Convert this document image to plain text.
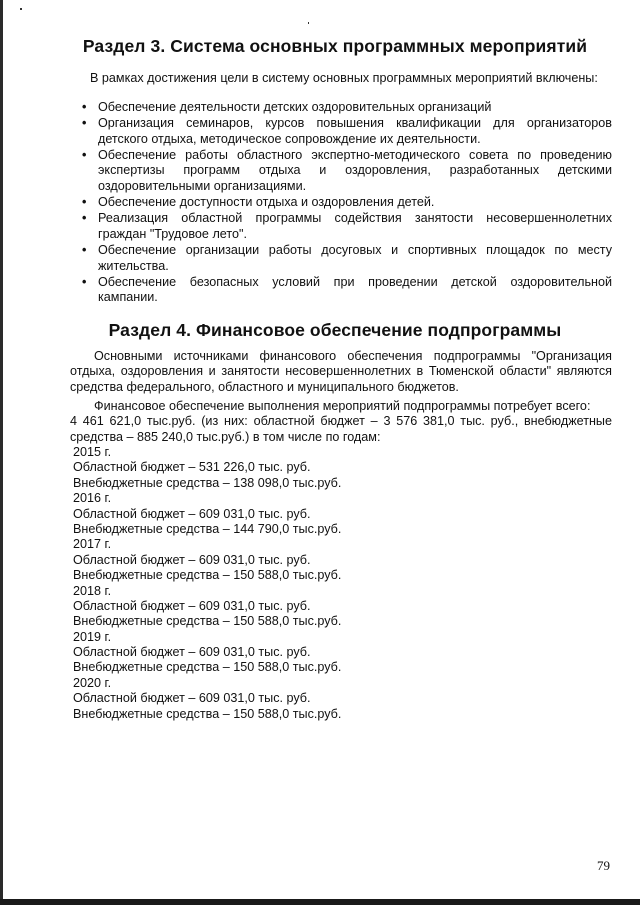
Раздел 3. Система основных программных мероприятий

В рамках достижения цели в систему основных программных мероприятий включены:

• Обеспечение деятельности детских оздоровительных организаций
• Организация семинаров, курсов повышения квалификации для организаторов детского отдыха, методическое сопровождение их деятельности.
• Обеспечение работы областного экспертно-методического совета по проведению экспертизы программ отдыха и оздоровления, разработанных детскими оздоровительными организациями.
• Обеспечение доступности отдыха и оздоровления детей.
• Реализация областной программы содействия занятости несовершеннолетних граждан "Трудовое лето".
• Обеспечение организации работы досуговых и спортивных площадок по месту жительства.
• Обеспечение безопасных условий при проведении детской оздоровительной кампании.
Раздел 4. Финансовое обеспечение подпрограммы

Основными источниками финансового обеспечения подпрограммы "Организация отдыха, оздоровления и занятости несовершеннолетних в Тюменской области" являются средства федерального, областного и муниципального бюджетов.

Финансовое обеспечение выполнения мероприятий подпрограммы потребует всего:
4 461 621,0 тыс.руб. (из них: областной бюджет – 3 576 381,0 тыс. руб., внебюджетные средства – 885 240,0 тыс.руб.) в том числе по годам:
2015 г.
Областной бюджет – 531 226,0 тыс. руб.
Внебюджетные средства – 138 098,0 тыс.руб.
2016 г.
Областной бюджет – 609 031,0 тыс. руб.
Внебюджетные средства – 144 790,0 тыс.руб.
2017 г.
Областной бюджет – 609 031,0 тыс. руб.
Внебюджетные средства – 150 588,0 тыс.руб.
2018 г.
Областной бюджет – 609 031,0 тыс. руб.
Внебюджетные средства – 150 588,0 тыс.руб.
2019 г.
Областной бюджет – 609 031,0 тыс. руб.
Внебюджетные средства – 150 588,0 тыс.руб.
2020 г.
Областной бюджет – 609 031,0 тыс. руб.
Внебюджетные средства – 150 588,0 тыс.руб.
79
